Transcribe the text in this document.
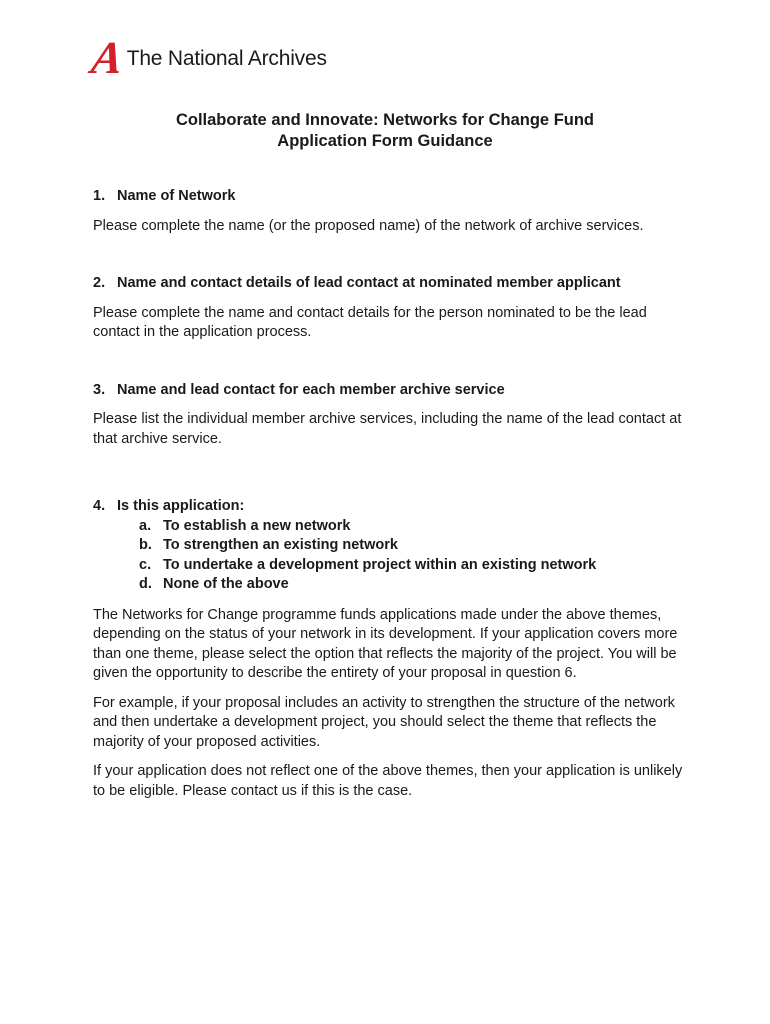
A The National Archives
Collaborate and Innovate: Networks for Change Fund
Application Form Guidance
1. Name of Network

Please complete the name (or the proposed name) of the network of archive services.

2. Name and contact details of lead contact at nominated member applicant

Please complete the name and contact details for the person nominated to be the lead contact in the application process.

3. Name and lead contact for each member archive service

Please list the individual member archive services, including the name of the lead contact at that archive service.

4. Is this application:
a. To establish a new network
b. To strengthen an existing network
c. To undertake a development project within an existing network
d. None of the above

The Networks for Change programme funds applications made under the above themes, depending on the status of your network in its development. If your application covers more than one theme, please select the option that reflects the majority of the project. You will be given the opportunity to describe the entirety of your proposal in question 6.

For example, if your proposal includes an activity to strengthen the structure of the network and then undertake a development project, you should select the theme that reflects the majority of your proposed activities.

If your application does not reflect one of the above themes, then your application is unlikely to be eligible. Please contact us if this is the case.
